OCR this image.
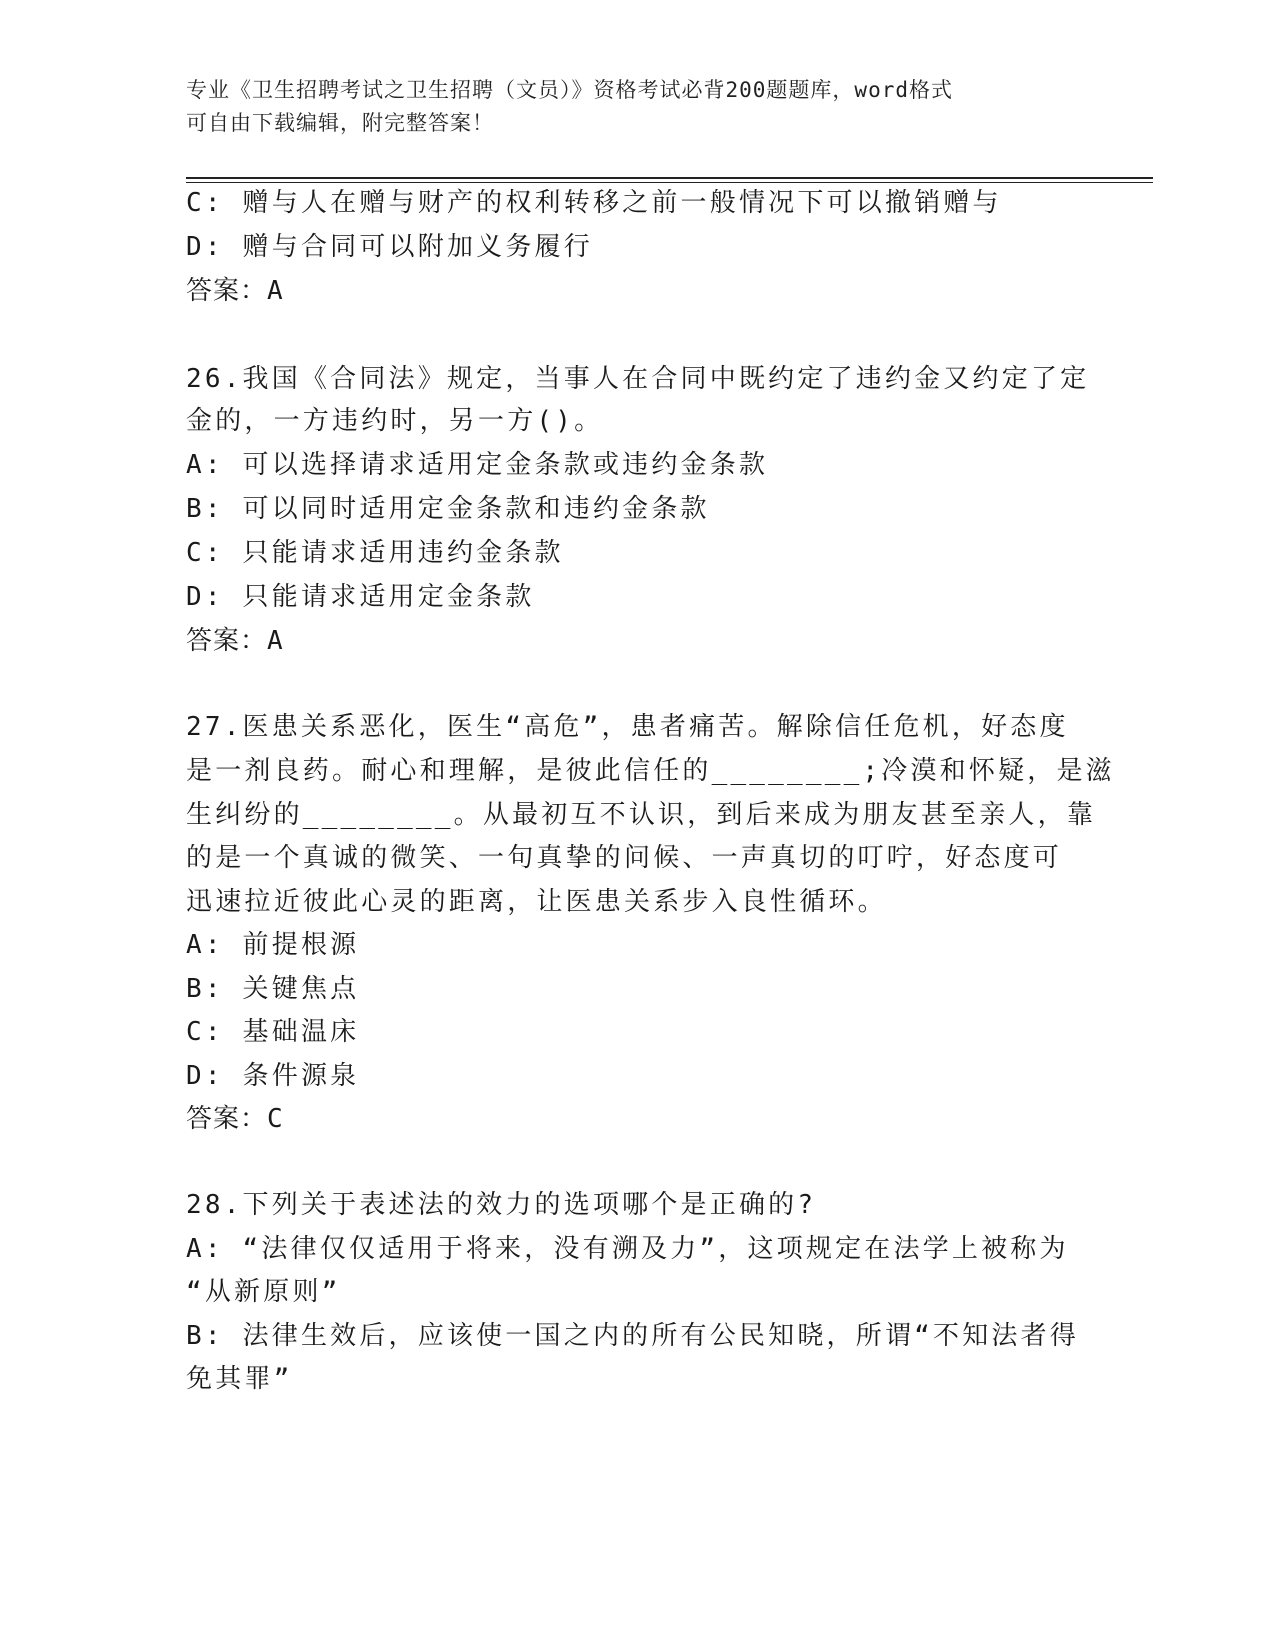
专业《卫生招聘考试之卫生招聘（文员）》资格考试必背200题题库，word格式
可自由下载编辑，附完整答案！
C: 赠与人在赠与财产的权利转移之前一般情况下可以撤销赠与
D: 赠与合同可以附加义务履行
答案：A
26.我国《合同法》规定，当事人在合同中既约定了违约金又约定了定
金的，一方违约时，另一方()。
A: 可以选择请求适用定金条款或违约金条款
B: 可以同时适用定金条款和违约金条款
C: 只能请求适用违约金条款
D: 只能请求适用定金条款
答案：A
27.医患关系恶化，医生“高危”，患者痛苦。解除信任危机，好态度
是一剂良药。耐心和理解，是彼此信任的________;冷漠和怀疑，是滋
生纠纷的________。从最初互不认识，到后来成为朋友甚至亲人，靠
的是一个真诚的微笑、一句真挚的问候、一声真切的叮咛，好态度可
迅速拉近彼此心灵的距离，让医患关系步入良性循环。
A: 前提根源
B: 关键焦点
C: 基础温床
D: 条件源泉
答案：C
28.下列关于表述法的效力的选项哪个是正确的?
A: “法律仅仅适用于将来，没有溯及力”，这项规定在法学上被称为
“从新原则”
B: 法律生效后，应该使一国之内的所有公民知晓，所谓“不知法者得
免其罪”
